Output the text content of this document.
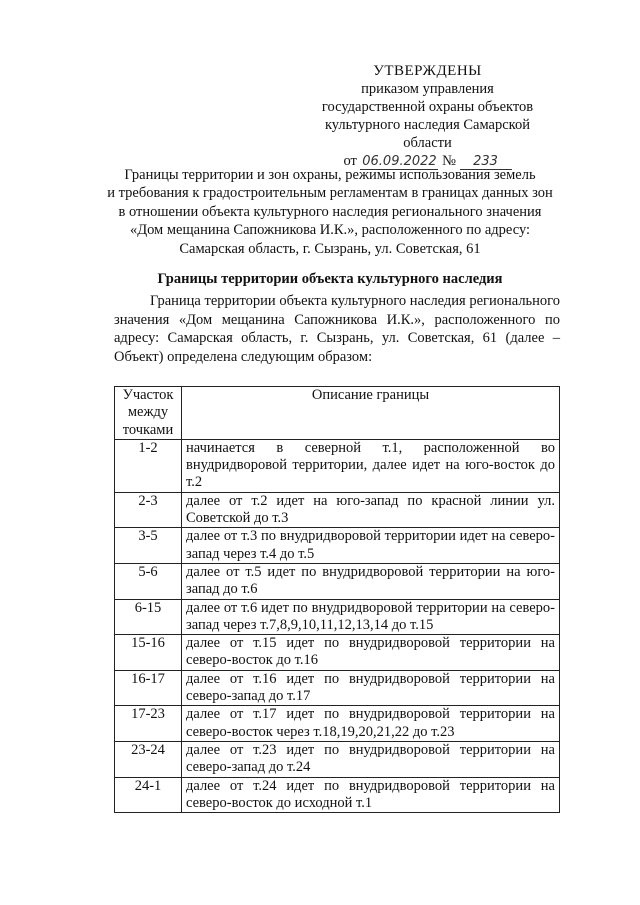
УТВЕРЖДЕНЫ
приказом управления
государственной охраны объектов
культурного наследия Самарской области
от 06.09.2022 № 233
Границы территории и зон охраны, режимы использования земель
и требования к градостроительным регламентам в границах данных зон
в отношении объекта культурного наследия регионального значения
«Дом мещанина Сапожникова И.К.», расположенного по адресу:
Самарская область, г. Сызрань, ул. Советская, 61
Границы территории объекта культурного наследия
Граница территории объекта культурного наследия регионального значения «Дом мещанина Сапожникова И.К.», расположенного по адресу: Самарская область, г. Сызрань, ул. Советская, 61 (далее – Объект) определена следующим образом:
Участок между точками	Описание границы
1-2	начинается в северной т.1, расположенной во внудридворовой территории, далее идет на юго-восток до т.2
2-3	далее от т.2 идет на юго-запад по красной линии ул. Советской до т.3
3-5	далее от т.3 по внудридворовой территории идет на северо-запад через т.4 до т.5
5-6	далее от т.5 идет по внудридворовой территории на юго-запад до т.6
6-15	далее от т.6 идет по внудридворовой территории на северо-запад через т.7,8,9,10,11,12,13,14 до т.15
15-16	далее от т.15 идет по внудридворовой территории на северо-восток до т.16
16-17	далее от т.16 идет по внудридворовой территории на северо-запад до т.17
17-23	далее от т.17 идет по внудридворовой территории на северо-восток через т.18,19,20,21,22 до т.23
23-24	далее от т.23 идет по внудридворовой территории на северо-запад до т.24
24-1	далее от т.24 идет по внудридворовой территории на северо-восток до исходной т.1
